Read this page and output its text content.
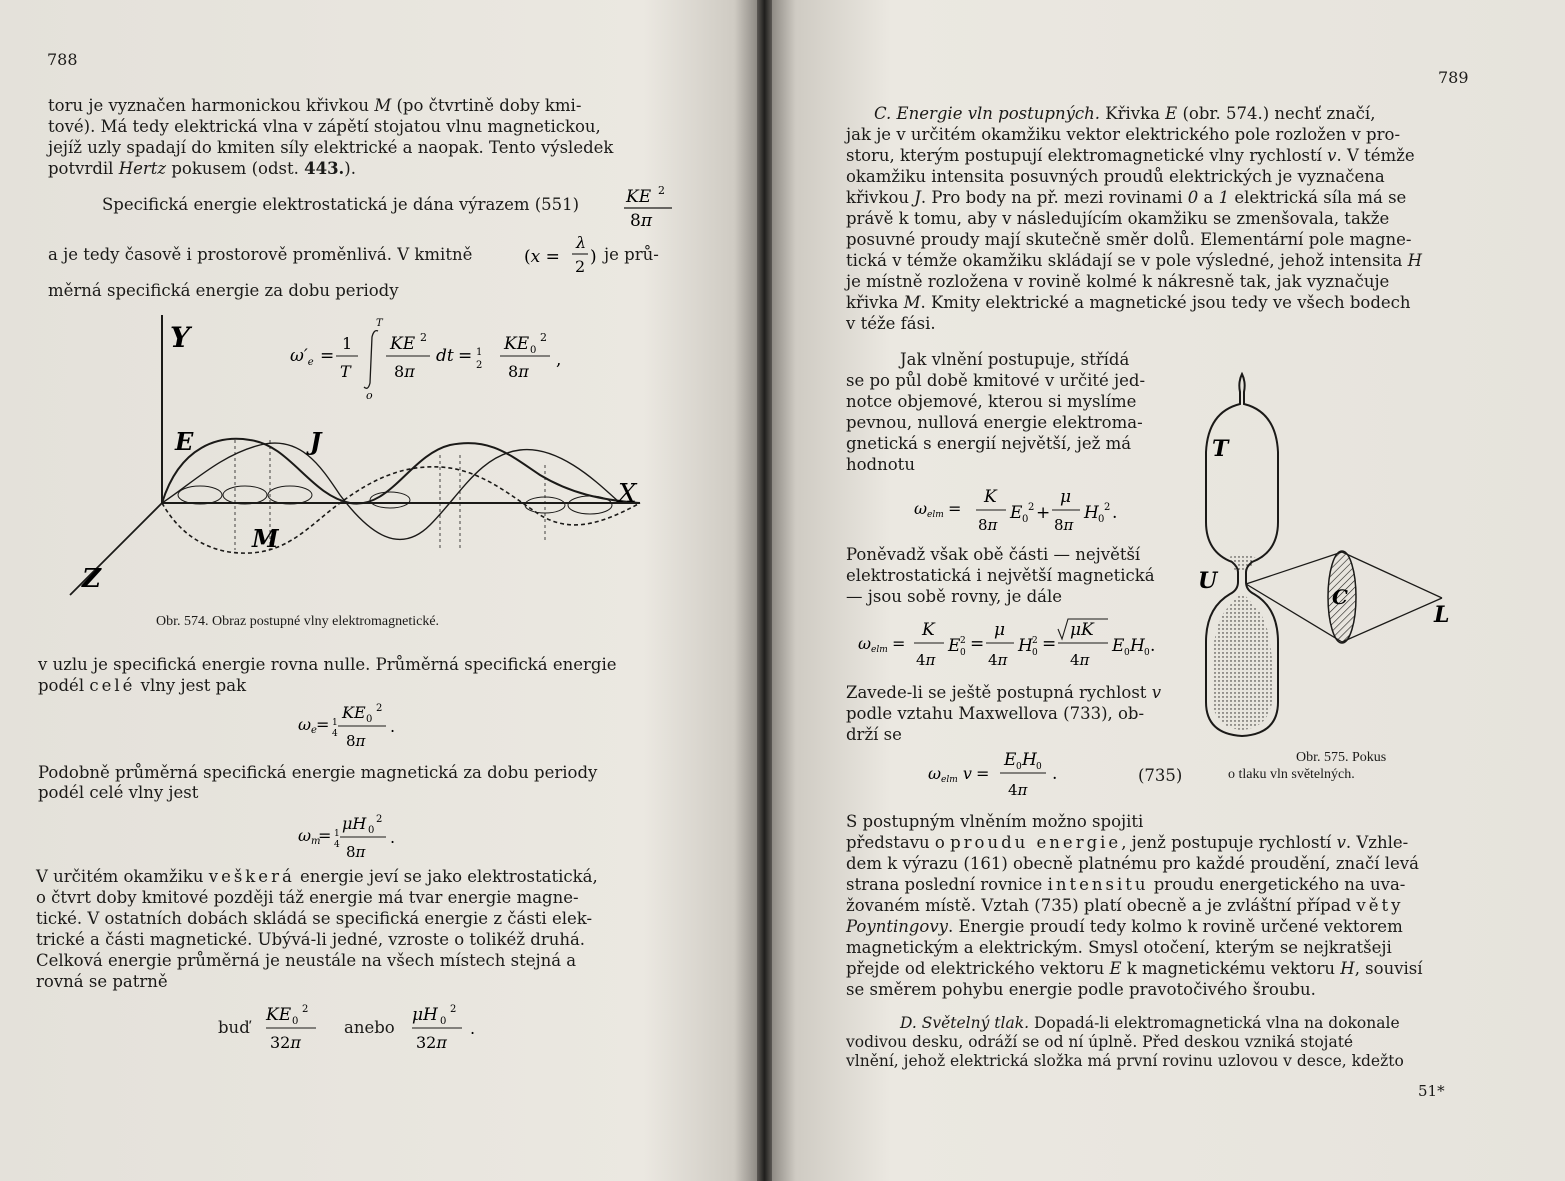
788
toru je vyznačen harmonickou křivkou M (po čtvrtině doby kmi-
tové). Má tedy elektrická vlna v zápětí stojatou vlnu magnetickou,
jejíž uzly spadají do kmiten síly elektrické a naopak. Tento výsledek
potvrdil Hertz pokusem (odst. 443.).
Specifická energie elektrostatická je dána výrazem (551)	KE 2
8π
a je tedy časově i prostorově proměnlivá. V kmitně	(x =
λ
2 ) je prů-
měrná specifická energie za dobu periody
$\omega'_e$ =
1
T
T
o
KE 2
8π
dt = 1
2
KE 0
2
8π
,
Y
E	J
X
M
Z
Obr. 574. Obraz postupné vlny elektromagnetické.
v uzlu je specifická energie rovna nulle. Průměrná specifická energie
podél celé vlny jest pak
ωe = 1
4
KE 0
2
8π
.
Podobně průměrná specifická energie magnetická za dobu periody
podél celé vlny jest
ωm
= 1
4
μH 0
2
8π
.
V určitém okamžiku veškerá energie jeví se jako elektrostatická,
o čtvrt doby kmitové později táž energie má tvar energie magne-
tické. V ostatních dobách skládá se specifická energie z části elek-
trické a části magnetické. Ubývá-li jedné, vzroste o tolikéž druhá.
Celková energie průměrná je neustále na všech místech stejná a
rovná se patrně
buď
KE 0
2
32π
anebo
μH 0
2
32π
.
789
C. Energie vln postupných. Křivka E (obr. 574.) nechť značí,
jak je v určitém okamžiku vektor elektrického pole rozložen v pro-
storu, kterým postupují elektromagnetické vlny rychlostí v. V témže
okamžiku intensita posuvných proudů elektrických je vyznačena
křivkou J. Pro body na př. mezi rovinami 0 a 1 elektrická síla má se
právě k tomu, aby v následujícím okamžiku se zmenšovala, takže
posuvné proudy mají skutečně směr dolů. Elementární pole magne-
tická v témže okamžiku skládají se v pole výsledné, jehož intensita H
je místně rozložena v rovině kolmé k nákresně tak, jak vyznačuje
křivka M. Kmity elektrické a magnetické jsou tedy ve všech bodech
v téže fási.
Jak vlnění postupuje, střídá
se po půl době kmitové v určité jed-
notce objemové, kterou si myslíme
pevnou, nullová energie elektroma-
gnetická s energií největší, jež má
hodnotu
ωelm =
K
8π
E 0
2 +
μ
8π
H 0
2 .
Poněvadž však obě části — největší
elektrostatická i největší magnetická
— jsou sobě rovny, je dále
ωelm =
K
4π
E 2
0 =
μ
4π
H 2
0 =
μK
4π
E 0 H 0 .
Zavede-li se ještě postupná rychlost v
podle vztahu Maxwellova (733), ob-
drží se
ωelm v =
E 0 H 0
4π
.	(735)
T
U
C
L
Obr. 575. Pokus
o tlaku vln světelných.
S postupným vlněním možno spojiti
představu o proudu energie, jenž postupuje rychlostí v. Vzhle-
dem k výrazu (161) obecně platnému pro každé proudění, značí levá
strana poslední rovnice intensitu proudu energetického na uva-
žovaném místě. Vztah (735) platí obecně a je zvláštní případ věty
Poyntingovy. Energie proudí tedy kolmo k rovině určené vektorem
magnetickým a elektrickým. Smysl otočení, kterým se nejkratšeji
přejde od elektrického vektoru E k magnetickému vektoru H, souvisí
se směrem pohybu energie podle pravotočivého šroubu.
D. Světelný tlak. Dopadá-li elektromagnetická vlna na dokonale
vodivou desku, odráží se od ní úplně. Před deskou vzniká stojaté
vlnění, jehož elektrická složka má první rovinu uzlovou v desce, kdežto
51*
